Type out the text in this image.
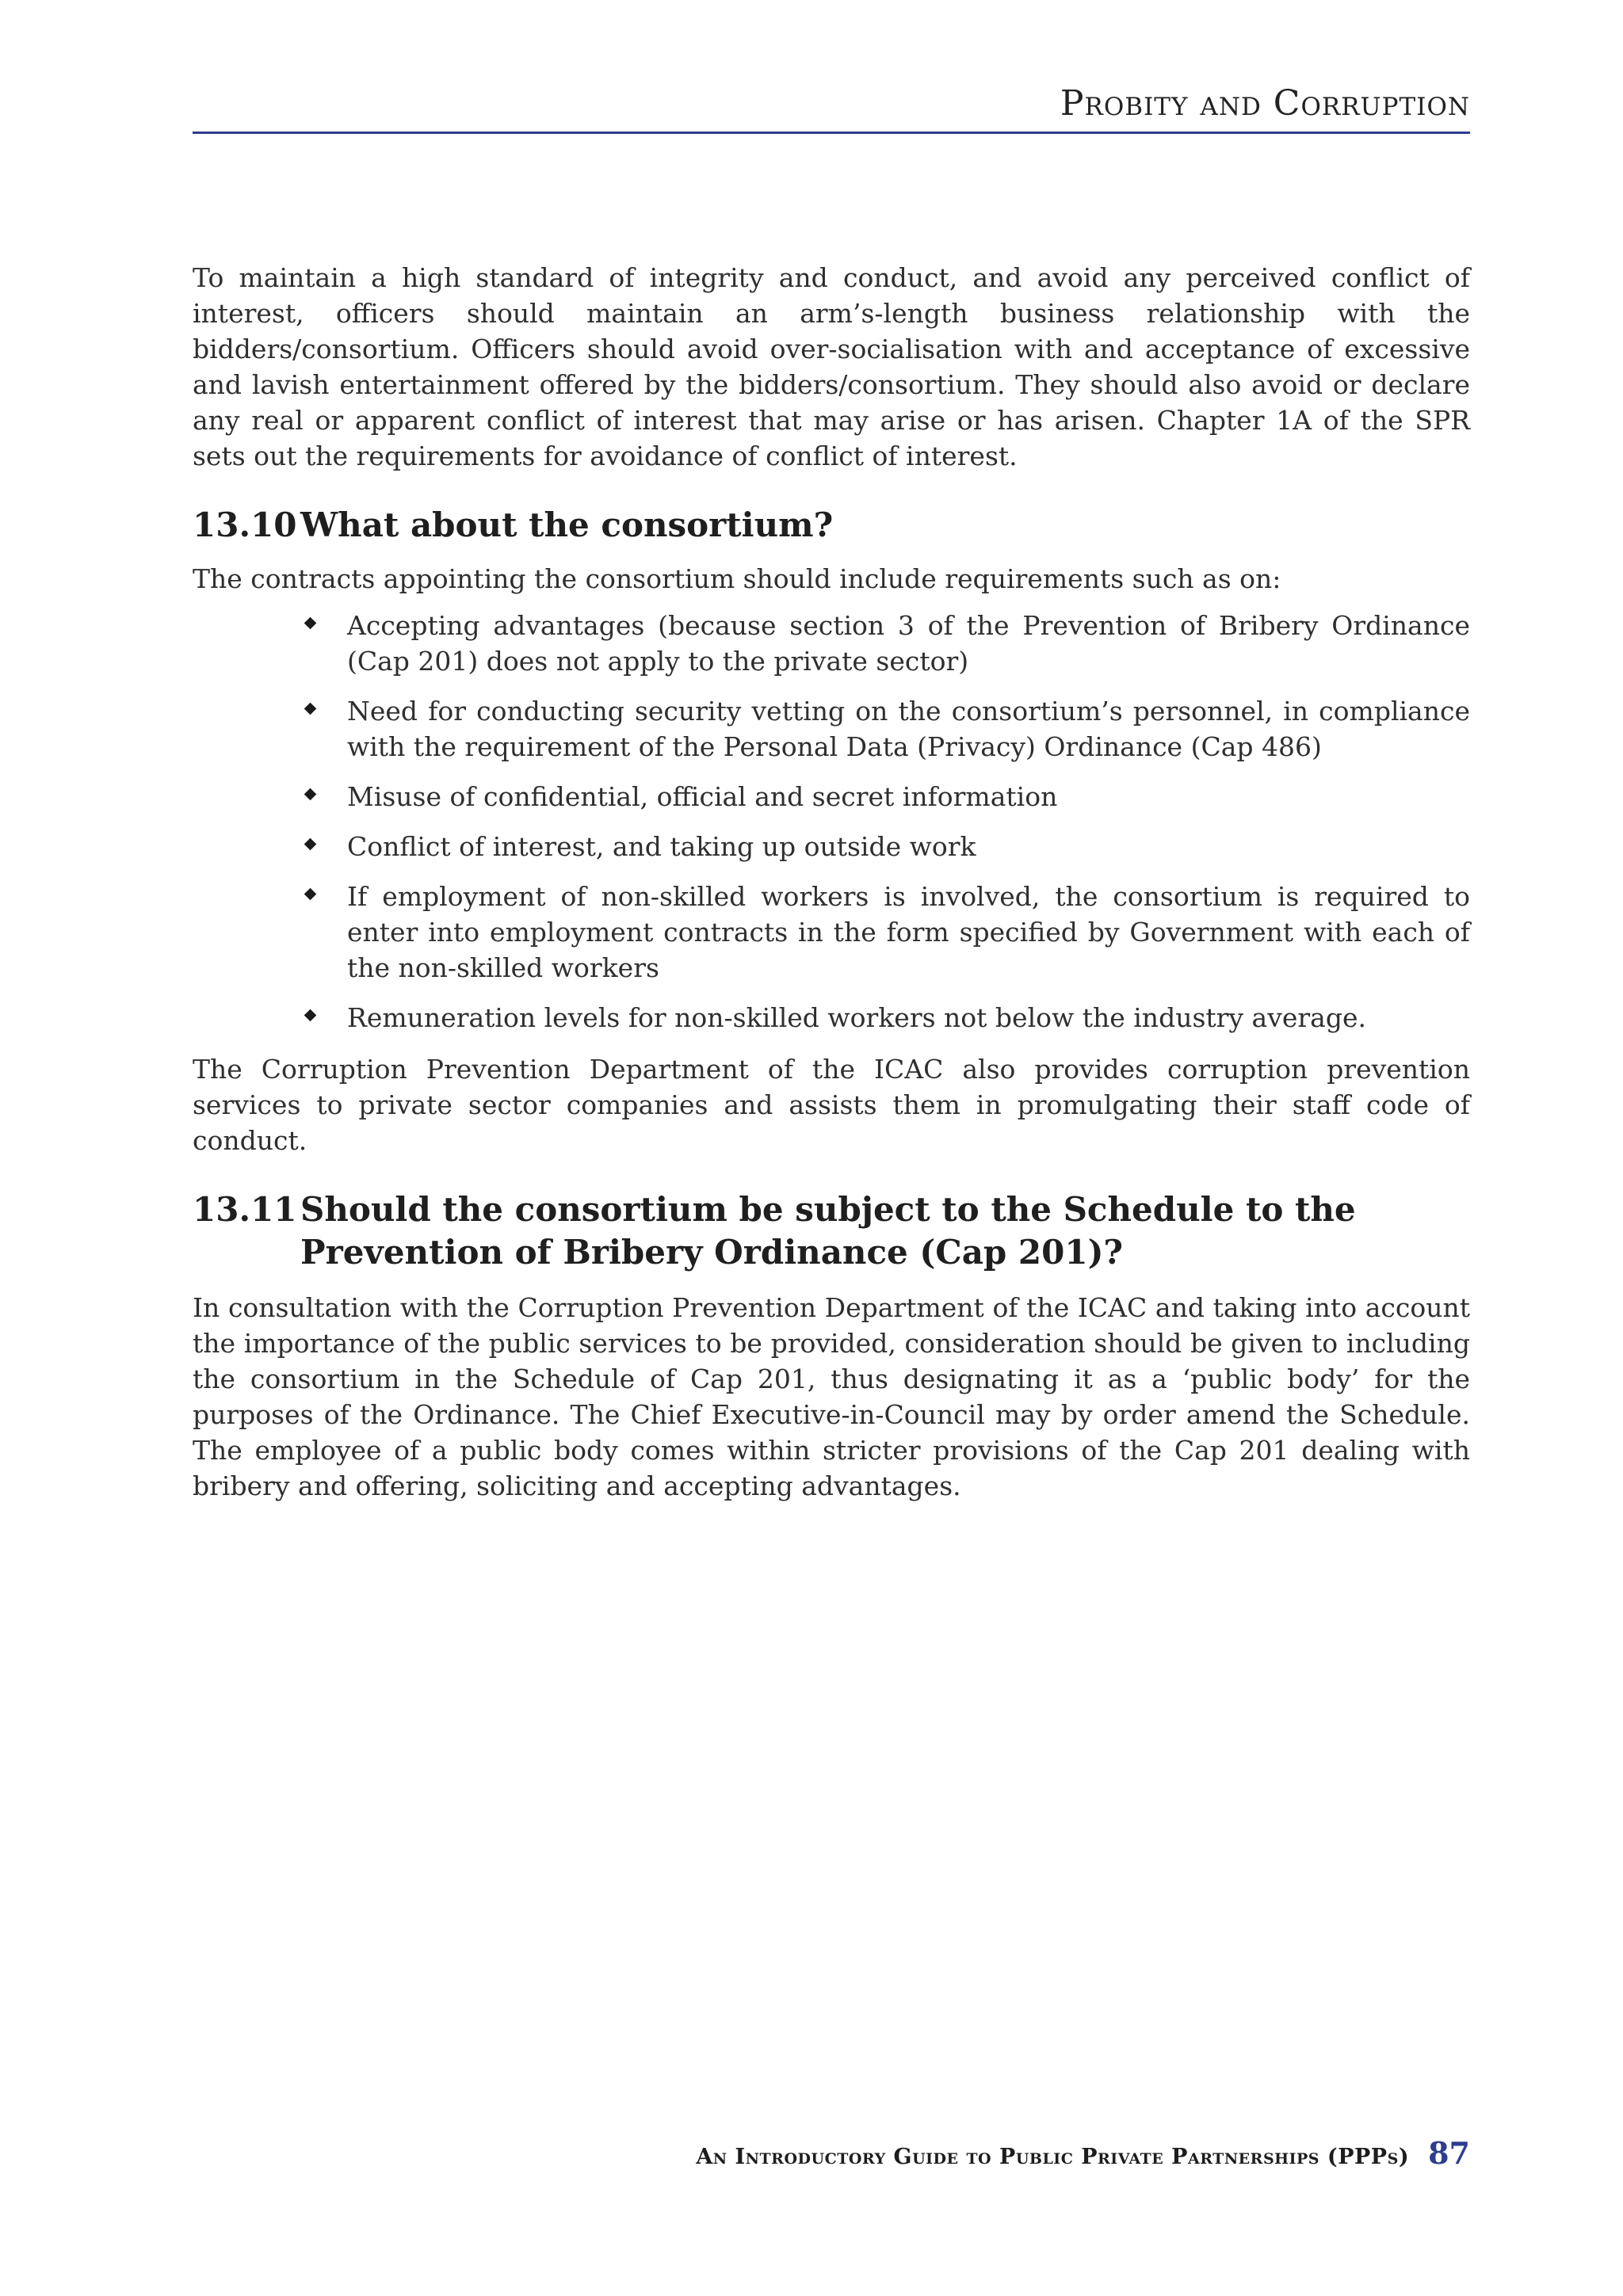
Probity and Corruption

To maintain a high standard of integrity and conduct, and avoid any perceived conflict of interest, officers should maintain an arm’s-length business relationship with the bidders/consortium. Officers should avoid over-socialisation with and acceptance of excessive and lavish entertainment offered by the bidders/consortium. They should also avoid or declare any real or apparent conflict of interest that may arise or has arisen. Chapter 1A of the SPR sets out the requirements for avoidance of conflict of interest.

13.10 What about the consortium?

The contracts appointing the consortium should include requirements such as on:

Accepting advantages (because section 3 of the Prevention of Bribery Ordinance (Cap 201) does not apply to the private sector)
Need for conducting security vetting on the consortium’s personnel, in compliance with the requirement of the Personal Data (Privacy) Ordinance (Cap 486)
Misuse of confidential, official and secret information
Conflict of interest, and taking up outside work
If employment of non-skilled workers is involved, the consortium is required to enter into employment contracts in the form specified by Government with each of the non-skilled workers
Remuneration levels for non-skilled workers not below the industry average.

The Corruption Prevention Department of the ICAC also provides corruption prevention services to private sector companies and assists them in promulgating their staff code of conduct.

13.11 Should the consortium be subject to the Schedule to the Prevention of Bribery Ordinance (Cap 201)?

In consultation with the Corruption Prevention Department of the ICAC and taking into account the importance of the public services to be provided, consideration should be given to including the consortium in the Schedule of Cap 201, thus designating it as a ‘public body’ for the purposes of the Ordinance. The Chief Executive-in-Council may by order amend the Schedule. The employee of a public body comes within stricter provisions of the Cap 201 dealing with bribery and offering, soliciting and accepting advantages.

An Introductory Guide to Public Private Partnerships (PPPs) 87
